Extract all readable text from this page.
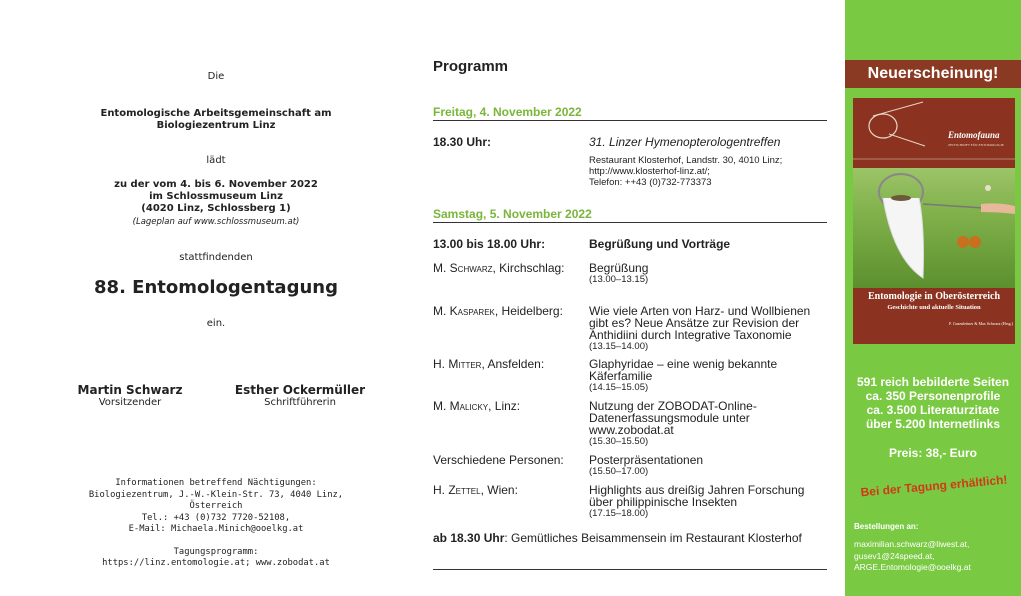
Die
Entomologische Arbeitsgemeinschaft am
Biologiezentrum Linz
lädt
zu der vom 4. bis 6. November 2022
im Schlossmuseum Linz
(4020 Linz, Schlossberg 1)
(Lageplan auf www.schlossmuseum.at)
stattfindenden
88. Entomologentagung
ein.
Martin Schwarz
Vorsitzender
Esther Ockermüller
Schriftführerin
Informationen betreffend Nächtigungen:
Biologiezentrum, J.-W.-Klein-Str. 73, 4040 Linz, Österreich
Tel.: +43 (0)732 7720-52108,
E-Mail: Michaela.Minich@ooelkg.at
Tagungsprogramm:
https://linz.entomologie.at; www.zobodat.at
Programm
Freitag, 4. November 2022
18.30 Uhr:	31. Linzer Hymenopterologentreffen
Restaurant Klosterhof, Landstr. 30, 4010 Linz;
http://www.klosterhof-linz.at/;
Telefon: ++43 (0)732-773373
Samstag, 5. November 2022
13.00 bis 18.00 Uhr:	Begrüßung und Vorträge
M. Schwarz, Kirchschlag:	Begrüßung
(13.00–13.15)
M. Kasparek, Heidelberg:	Wie viele Arten von Harz- und Wollbienen
gibt es? Neue Ansätze zur Revision der
Anthidiini durch Integrative Taxonomie
(13.15–14.00)
H. Mitter, Ansfelden:	Glaphyridae – eine wenig bekannte
Käferfamilie
(14.15–15.05)
M. Malicky, Linz:	Nutzung der ZOBODAT-Online-
Datenerfassungsmodule unter
www.zobodat.at
(15.30–15.50)
Verschiedene Personen:	Posterpräsentationen
(15.50–17.00)
H. Zettel, Wien:	Highlights aus dreißig Jahren Forschung
über philippinische Insekten
(17.15–18.00)
ab 18.30 Uhr: Gemütliches Beisammensein im Restaurant Klosterhof
Neuerscheinung!
Entomofauna
ZEITSCHRIFT FÜR ENTOMOLOGIE
Entomologie in Oberösterreich
Geschichte und aktuelle Situation
F. Gusenleitner & Max Schwarz (Hrsg.)
591 reich bebilderte Seiten
ca. 350 Personenprofile
ca. 3.500 Literaturzitate
über 5.200 Internetlinks
Preis: 38,- Euro
Bei der Tagung erhältlich!
Bestellungen an:
maximilian.schwarz@liwest.at,
gusev1@24speed.at,
ARGE.Entomologie@ooelkg.at
